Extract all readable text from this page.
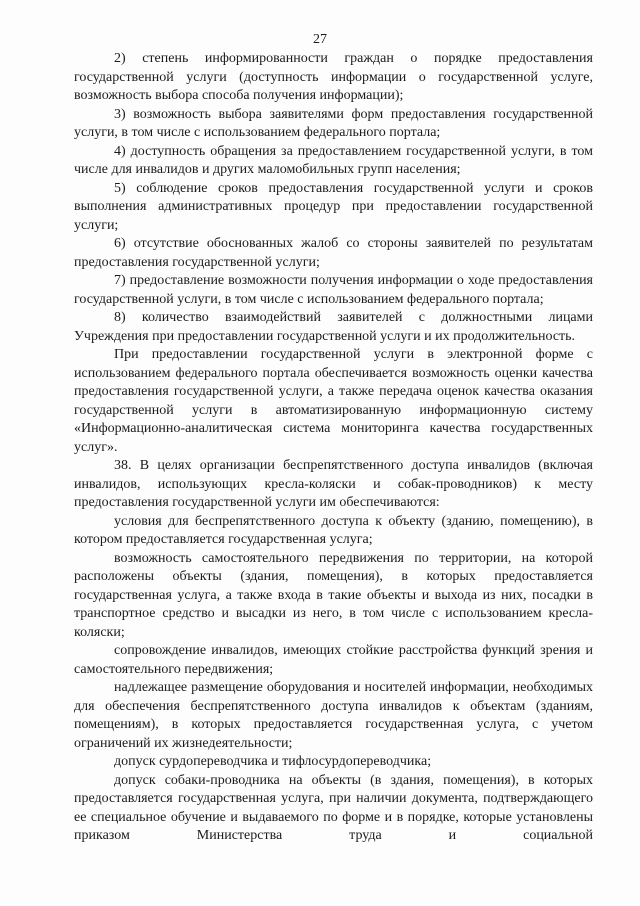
27

2) степень информированности граждан о порядке предоставления государственной услуги (доступность информации о государственной услуге, возможность выбора способа получения информации);

3) возможность выбора заявителями форм предоставления государственной услуги, в том числе с использованием федерального портала;

4) доступность обращения за предоставлением государственной услуги, в том числе для инвалидов и других маломобильных групп населения;

5) соблюдение сроков предоставления государственной услуги и сроков выполнения административных процедур при предоставлении государственной услуги;

6) отсутствие обоснованных жалоб со стороны заявителей по результатам предоставления государственной услуги;

7) предоставление возможности получения информации о ходе предоставления государственной услуги, в том числе с использованием федерального портала;

8) количество взаимодействий заявителей с должностными лицами Учреждения при предоставлении государственной услуги и их продолжительность.

При предоставлении государственной услуги в электронной форме с использованием федерального портала обеспечивается возможность оценки качества предоставления государственной услуги, а также передача оценок качества оказания государственной услуги в автоматизированную информационную систему «Информационно-аналитическая система мониторинга качества государственных услуг».

38. В целях организации беспрепятственного доступа инвалидов (включая инвалидов, использующих кресла-коляски и собак-проводников) к месту предоставления государственной услуги им обеспечиваются:

условия для беспрепятственного доступа к объекту (зданию, помещению), в котором предоставляется государственная услуга;

возможность самостоятельного передвижения по территории, на которой расположены объекты (здания, помещения), в которых предоставляется государственная услуга, а также входа в такие объекты и выхода из них, посадки в транспортное средство и высадки из него, в том числе с использованием кресла-коляски;

сопровождение инвалидов, имеющих стойкие расстройства функций зрения и самостоятельного передвижения;

надлежащее размещение оборудования и носителей информации, необходимых для обеспечения беспрепятственного доступа инвалидов к объектам (зданиям, помещениям), в которых предоставляется государственная услуга, с учетом ограничений их жизнедеятельности;

допуск сурдопереводчика и тифлосурдопереводчика;

допуск собаки-проводника на объекты (в здания, помещения), в которых предоставляется государственная услуга, при наличии документа, подтверждающего ее специальное обучение и выдаваемого по форме и в порядке, которые установлены приказом Министерства труда и социальной
